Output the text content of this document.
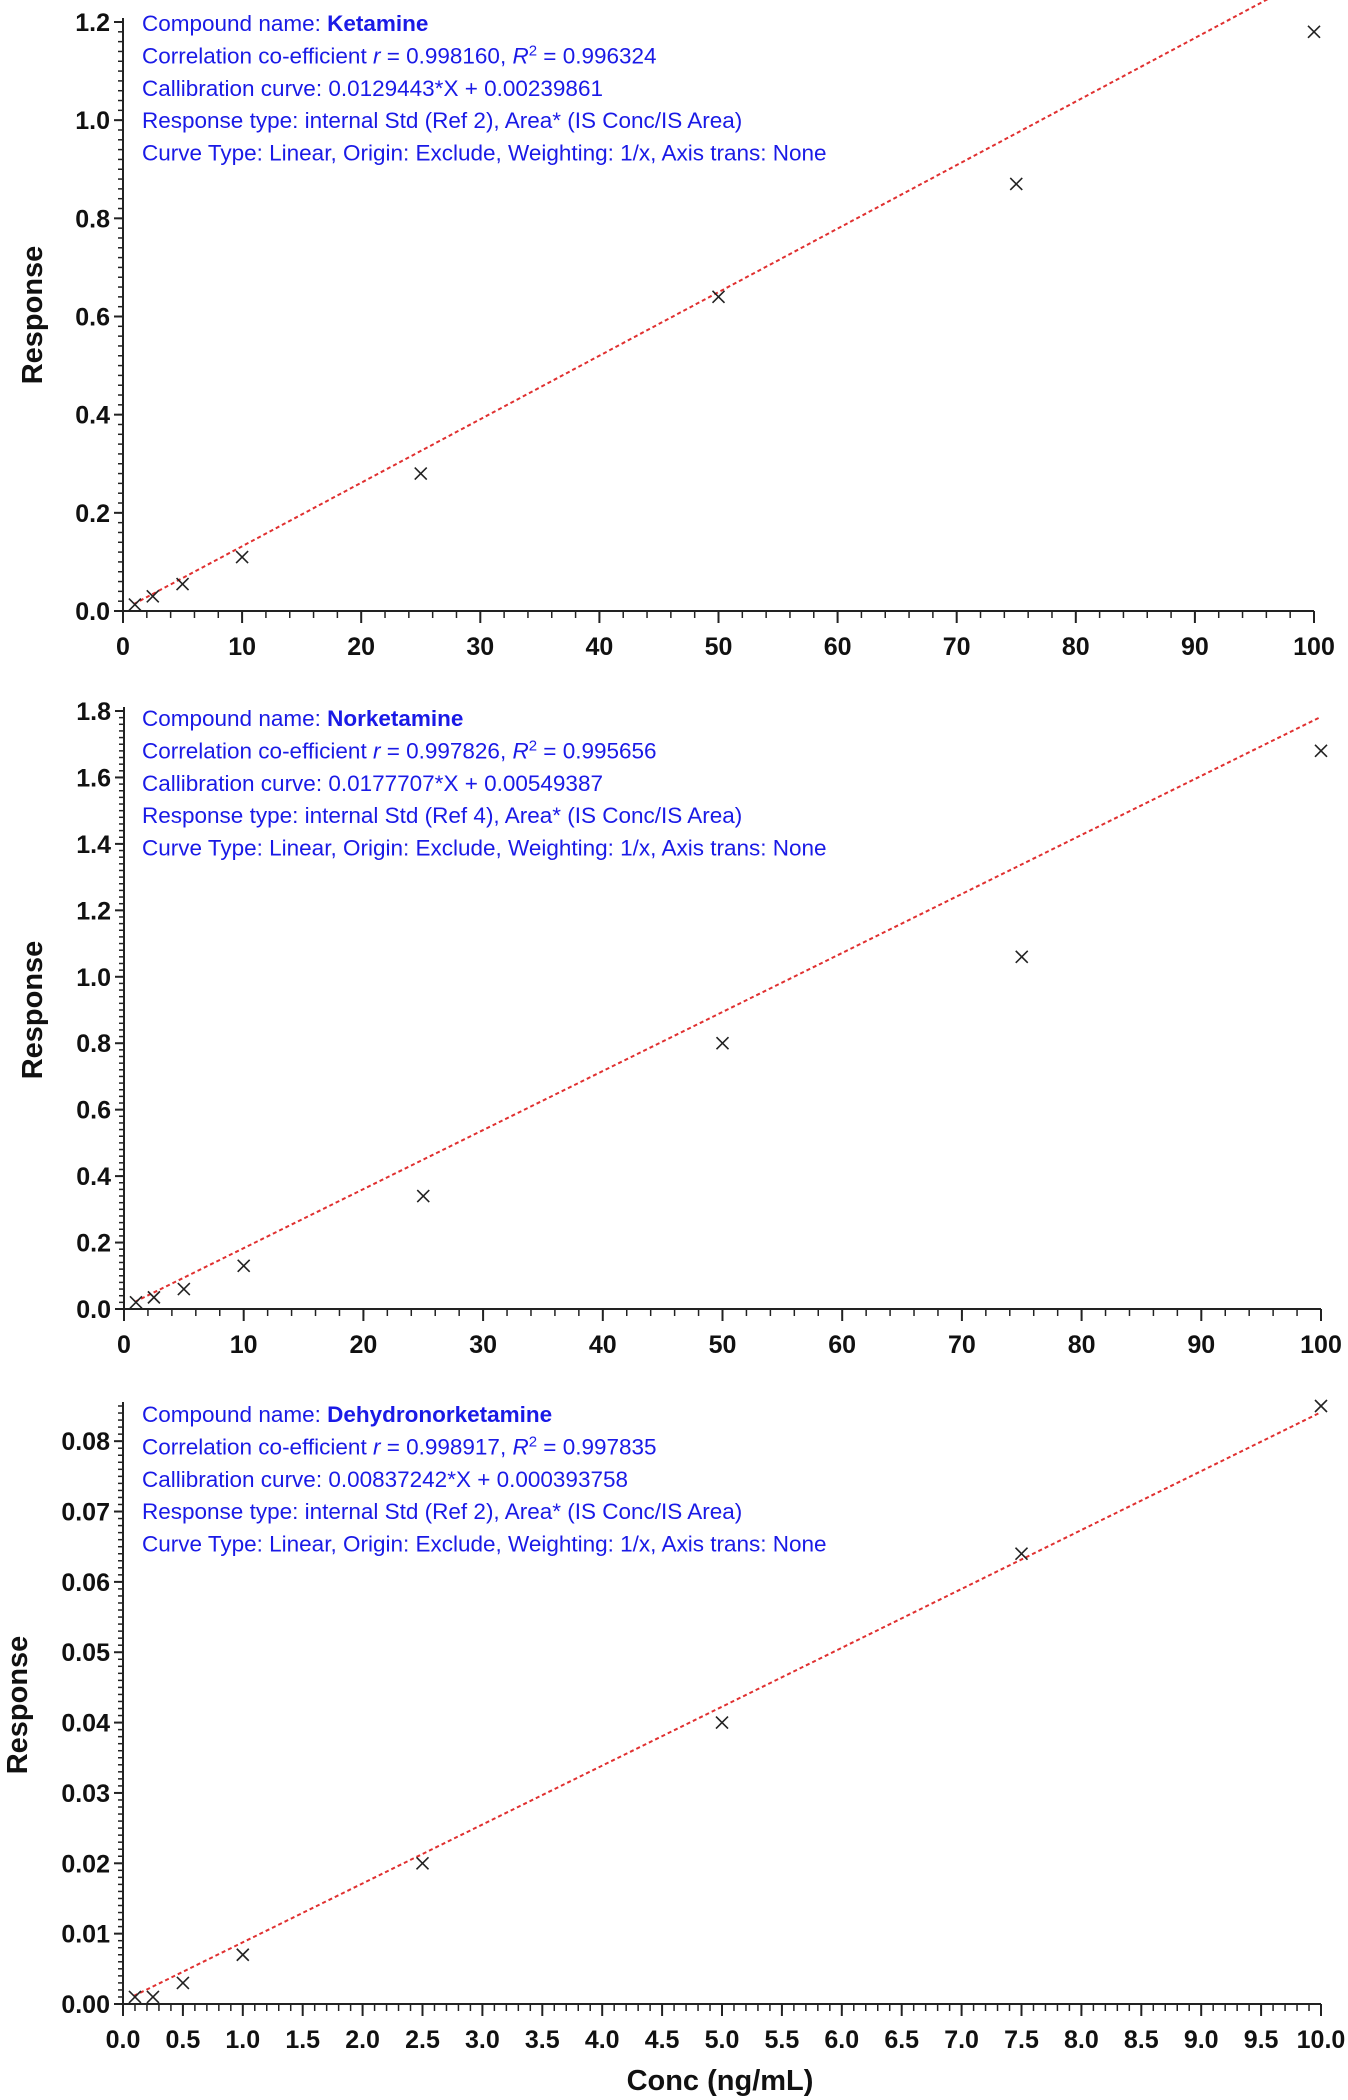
0.0
0.2
0.4
0.6
0.8
1.0
1.2
0	10	20	30	40	50	60	70	80	90	100
Response
Compound name: Ketamine
Correlation co-efficient r = 0.998160, $R^2 = 0.996324$
Callibration curve: 0.0129443*X + 0.00239861
Response type: internal Std (Ref 2), Area* (IS Conc/IS Area)
Curve Type: Linear, Origin: Exclude, Weighting: 1/x, Axis trans: None
0.0
0.2
0.4
0.6
0.8
1.0
1.2
1.4
1.6
1.8
0	10	20	30	40	50	60	70	80	90	100
Response
Compound name: Norketamine
Correlation co-efficient r = 0.997826, $R^2 = 0.995656$
Callibration curve: 0.0177707*X + 0.00549387
Response type: internal Std (Ref 4), Area* (IS Conc/IS Area)
Curve Type: Linear, Origin: Exclude, Weighting: 1/x, Axis trans: None
0.00
0.01
0.02
0.03
0.04
0.05
0.06
0.07
0.08
0.0 0.5 1.0 1.5 2.0 2.5 3.0 3.5 4.0 4.5 5.0 5.5 6.0 6.5 7.0 7.5 8.0 8.5 9.0 9.5 10.0
Response
Conc (ng/mL)
Compound name: Dehydronorketamine
Correlation co-efficient r = 0.998917, $R^2 = 0.997835$
Callibration curve: 0.00837242*X + 0.000393758
Response type: internal Std (Ref 2), Area* (IS Conc/IS Area)
Curve Type: Linear, Origin: Exclude, Weighting: 1/x, Axis trans: None
